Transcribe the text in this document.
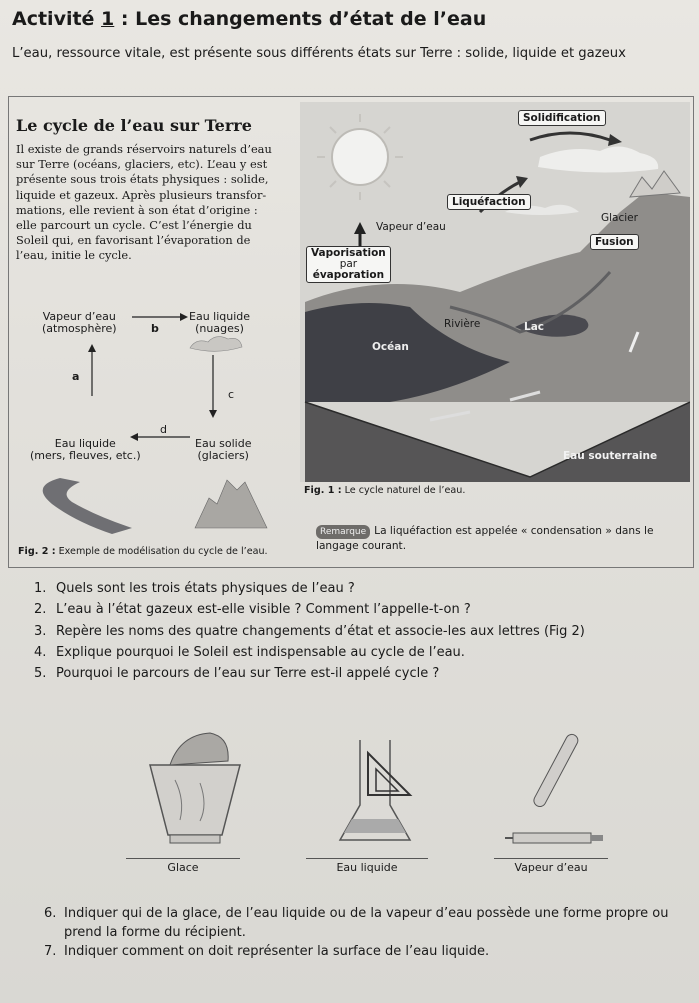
Activité 1 : Les changements d’état de l’eau
L’eau, ressource vitale, est présente sous différents états sur Terre : solide, liquide et gazeux
Le cycle de l’eau sur Terre
Il existe de grands réservoirs naturels d’eau
sur Terre (océans, glaciers, etc). L’eau y est
présente sous trois états physiques : solide,
liquide et gazeux. Après plusieurs transfor-
mations, elle revient à son état d’origine :
elle parcourt un cycle. C’est l’énergie du
Soleil qui, en favorisant l’évaporation de
l’eau, initie le cycle.
Vapeur d’eau
(atmosphère)
Eau liquide
(nuages)
b
a
c
d
Eau liquide
(mers, fleuves, etc.)
Eau solide
(glaciers)
Fig. 2 : Exemple de modélisation du cycle de l’eau.
Solidification
Liquéfaction
Vapeur d’eau
Glacier
Fusion
Vaporisation
par
évaporation
Rivière	Lac
Océan
Eau souterraine
Fig. 1 : Le cycle naturel de l’eau.
Remarque La liquéfaction est appelée « condensation » dans le langage courant.
1. Quels sont les trois états physiques de l’eau ?
2. L’eau à l’état gazeux est-elle visible ? Comment l’appelle-t-on ?
3. Repère les noms des quatre changements d’état et associe-les aux lettres (Fig 2)
4. Explique pourquoi le Soleil est indispensable au cycle de l’eau.
5. Pourquoi le parcours de l’eau sur Terre est-il appelé cycle ?
Glace	Eau liquide	Vapeur d’eau

6. Indiquer qui de la glace, de l’eau liquide ou de la vapeur d’eau possède une forme propre ou

prend la forme du récipient.

7. Indiquer comment on doit représenter la surface de l’eau liquide.
